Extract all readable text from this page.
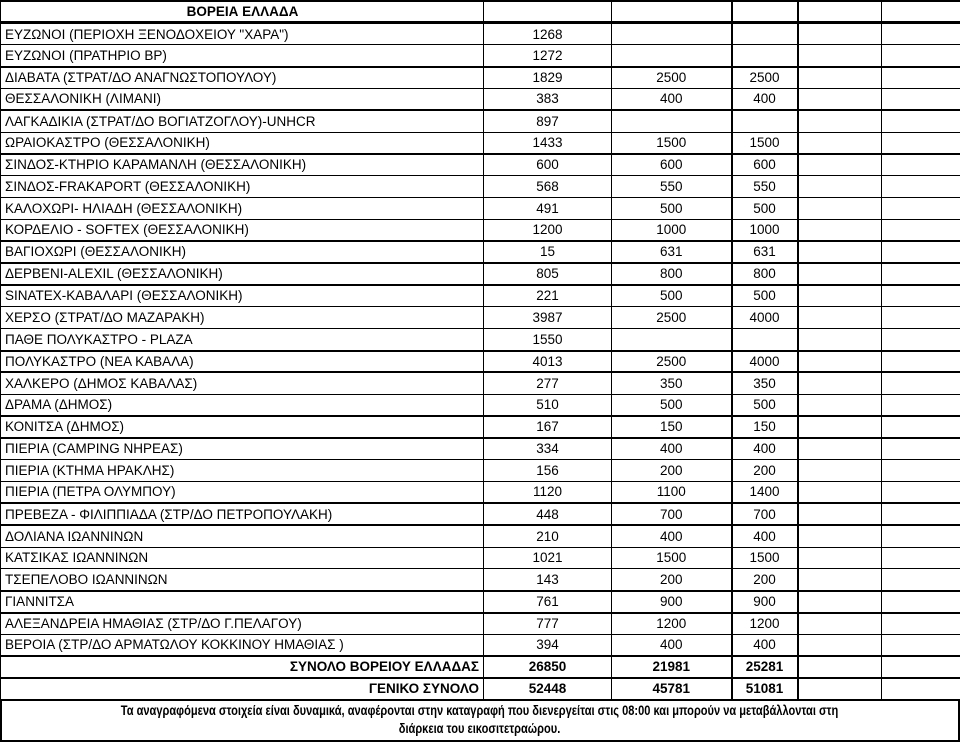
ΒΟΡΕΙΑ ΕΛΛΑΔΑ					
ΕΥΖΩΝΟΙ (ΠΕΡΙΟΧΗ ΞΕΝΟΔΟΧΕΙΟΥ "ΧΑΡΑ")	1268				
ΕΥΖΩΝΟΙ (ΠΡΑΤΗΡΙΟ ΒΡ)	1272				
ΔΙΑΒΑΤΑ (ΣΤΡΑΤ/ΔΟ ΑΝΑΓΝΩΣΤΟΠΟΥΛΟΥ)	1829	2500	2500		
ΘΕΣΣΑΛΟΝΙΚΗ (ΛΙΜΑΝΙ)	383	400	400		
ΛΑΓΚΑΔΙΚΙΑ (ΣΤΡΑΤ/ΔΟ ΒΟΓΙΑΤΖΟΓΛΟΥ)-UNHCR	897				
ΩΡΑΙΟΚΑΣΤΡΟ (ΘΕΣΣΑΛΟΝΙΚΗ)	1433	1500	1500		
ΣΙΝΔΟΣ-ΚΤΗΡΙΟ ΚΑΡΑΜΑΝΛΗ (ΘΕΣΣΑΛΟΝΙΚΗ)	600	600	600		
ΣΙΝΔΟΣ-FRAKAPORT (ΘΕΣΣΑΛΟΝΙΚΗ)	568	550	550		
ΚΑΛΟΧΩΡΙ- ΗΛΙΑΔΗ (ΘΕΣΣΑΛΟΝΙΚΗ)	491	500	500		
ΚΟΡΔΕΛΙΟ - SOFTEX (ΘΕΣΣΑΛΟΝΙΚΗ)	1200	1000	1000		
ΒΑΓΙΟΧΩΡΙ (ΘΕΣΣΑΛΟΝΙΚΗ)	15	631	631		
ΔΕΡΒΕΝΙ-ALEXIL (ΘΕΣΣΑΛΟΝΙΚΗ)	805	800	800		
SINATEX-ΚΑΒΑΛΑΡΙ (ΘΕΣΣΑΛΟΝΙΚΗ)	221	500	500		
ΧΕΡΣΟ (ΣΤΡΑΤ/ΔΟ ΜΑΖΑΡΑΚΗ)	3987	2500	4000		
ΠΑΘΕ ΠΟΛΥΚΑΣΤΡΟ - PLAZA	1550				
ΠΟΛΥΚΑΣΤΡΟ (ΝΕΑ ΚΑΒΑΛΑ)	4013	2500	4000		
ΧΑΛΚΕΡΟ (ΔΗΜΟΣ ΚΑΒΑΛΑΣ)	277	350	350		
ΔΡΑΜΑ (ΔΗΜΟΣ)	510	500	500		
ΚΟΝΙΤΣΑ (ΔΗΜΟΣ)	167	150	150		
ΠΙΕΡΙΑ (CAMPING ΝΗΡΕΑΣ)	334	400	400		
ΠΙΕΡΙΑ (ΚΤΗΜΑ ΗΡΑΚΛΗΣ)	156	200	200		
ΠΙΕΡΙΑ (ΠΕΤΡΑ ΟΛΥΜΠΟΥ)	1120	1100	1400		
ΠΡΕΒΕΖΑ - ΦΙΛΙΠΠΙΑΔΑ (ΣΤΡ/ΔΟ ΠΕΤΡΟΠΟΥΛΑΚΗ)	448	700	700		
ΔΟΛΙΑΝΑ ΙΩΑΝΝΙΝΩΝ	210	400	400		
ΚΑΤΣΙΚΑΣ ΙΩΑΝΝΙΝΩΝ	1021	1500	1500		
ΤΣΕΠΕΛΟΒΟ ΙΩΑΝΝΙΝΩΝ	143	200	200		
ΓΙΑΝΝΙΤΣΑ	761	900	900		
ΑΛΕΞΑΝΔΡΕΙΑ ΗΜΑΘΙΑΣ (ΣΤΡ/ΔΟ Γ.ΠΕΛΑΓΟΥ)	777	1200	1200		
ΒΕΡΟΙΑ (ΣΤΡ/ΔΟ ΑΡΜΑΤΩΛΟΥ ΚΟΚΚΙΝΟΥ ΗΜΑΘΙΑΣ )	394	400	400		
ΣΥΝΟΛΟ ΒΟΡΕΙΟΥ ΕΛΛΑΔΑΣ	26850	21981	25281		
ΓΕΝΙΚΟ ΣΥΝΟΛΟ	52448	45781	51081		
Τα αναγραφόμενα στοιχεία είναι δυναμικά, αναφέρονται στην καταγραφή που διενεργείται στις 08:00 και μπορούν να μεταβάλλονται στη
διάρκεια του εικοσιτετραώρου.
